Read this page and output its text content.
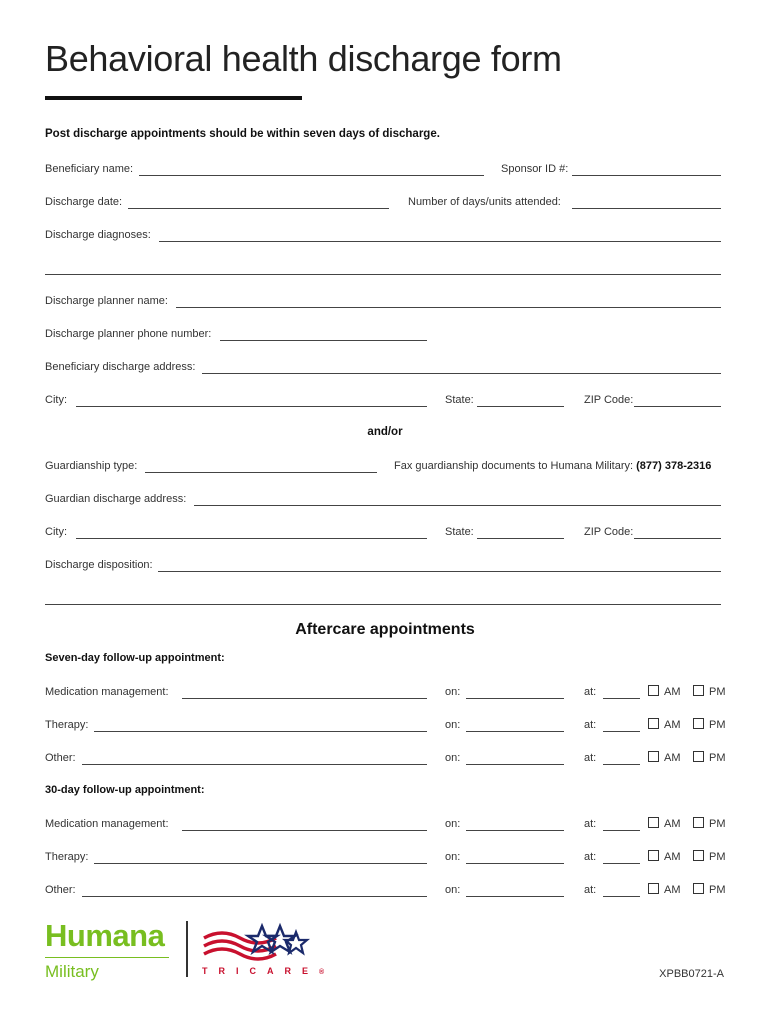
Behavioral health discharge form
Post discharge appointments should be within seven days of discharge.
Beneficiary name:	Sponsor ID #:
Discharge date:	Number of days/units attended:
Discharge diagnoses:
Discharge planner name:
Discharge planner phone number:
Beneficiary discharge address:
City:	State:	ZIP Code:
and/or
Guardianship type:	Fax guardianship documents to Humana Military: (877) 378-2316
Guardian discharge address:
City:	State:	ZIP Code:
Discharge disposition:
Aftercare appointments
Seven-day follow-up appointment:
Medication management:	on:	at:	AM	PM
Therapy:	on:	at:	AM	PM
Other:	on:	at:	AM	PM
30-day follow-up appointment:
Medication management:	on:	at:	AM	PM
Therapy:	on:	at:	AM	PM
Other:	on:	at:	AM	PM
Humana
Military	TRICARE®	XPBB0721-A
